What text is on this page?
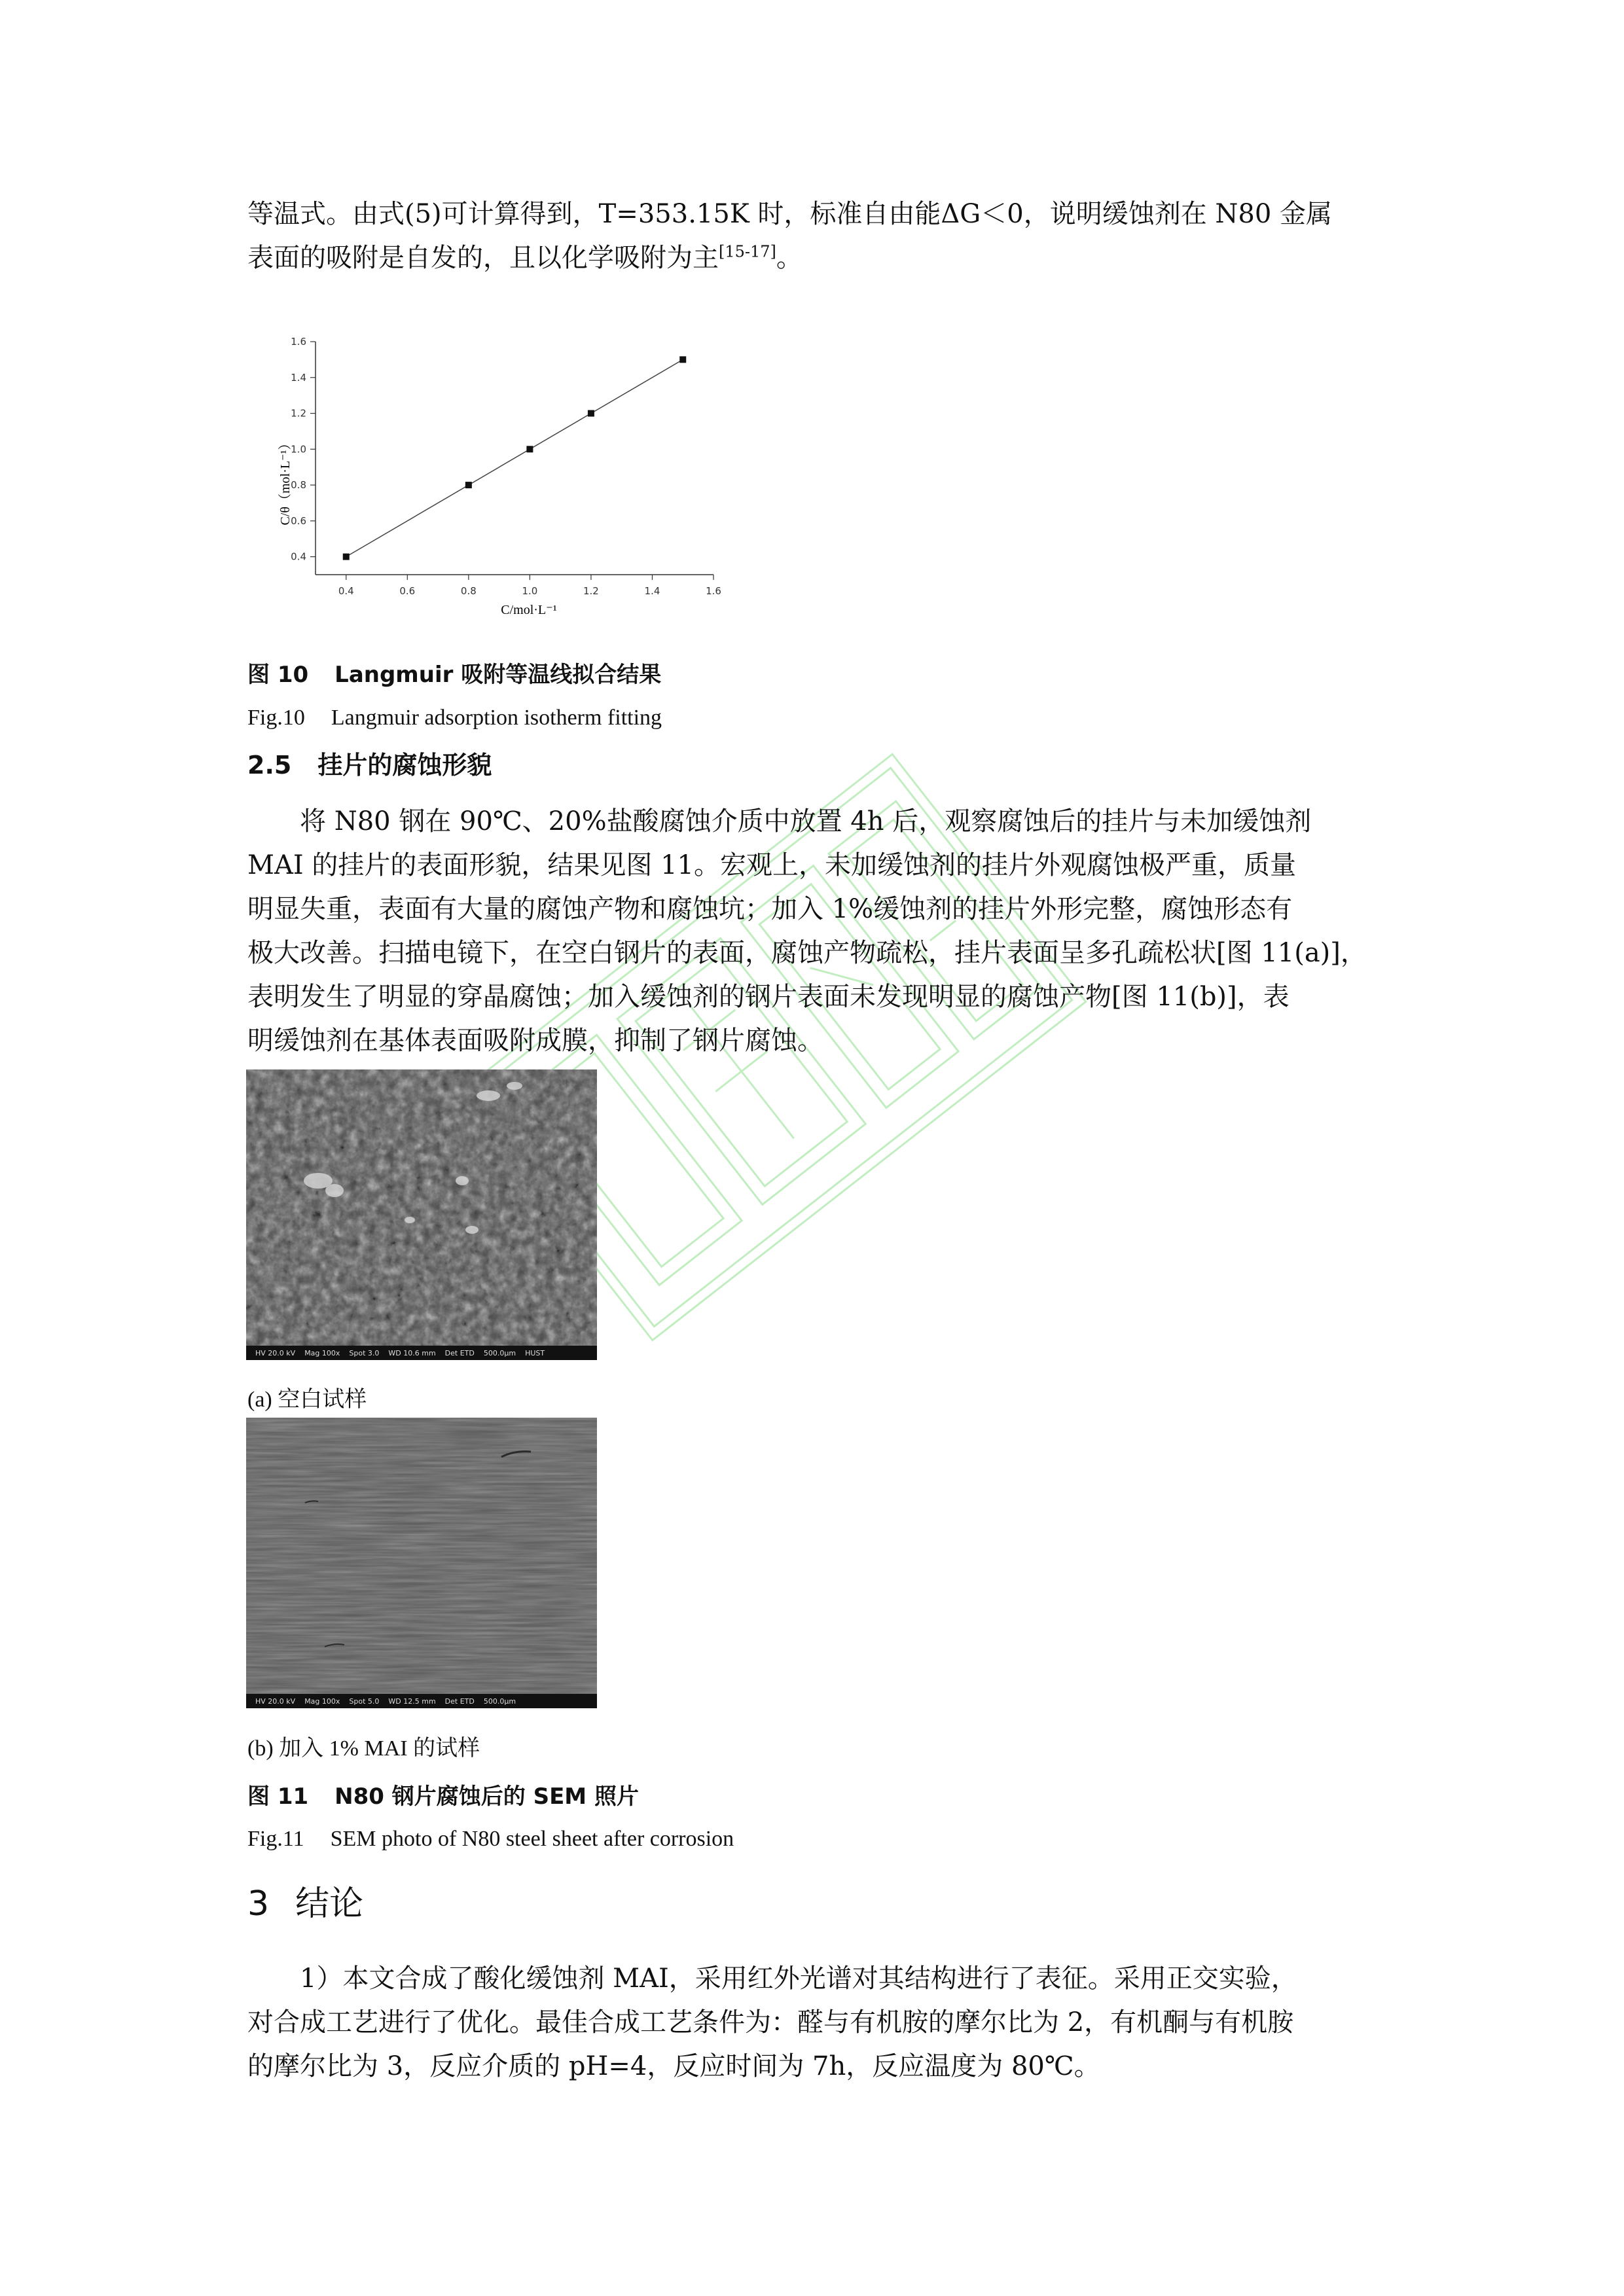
等温式。由式(5)可计算得到，T=353.15K 时，标准自由能ΔG＜0，说明缓蚀剂在 N80 金属
表面的吸附是自发的，且以化学吸附为主[15-17]。

0.4	0.6	0.8	1.0	1.2	1.4	1.6
0.4
0.6
0.8
1.0
1.2
1.4
1.6
C/mol·L⁻¹
C/θ（mol·L⁻¹）
图 10 Langmuir 吸附等温线拟合结果
Fig.10 Langmuir adsorption isotherm fitting
2.5 挂片的腐蚀形貌
将 N80 钢在 90℃、20%盐酸腐蚀介质中放置 4h 后，观察腐蚀后的挂片与未加缓蚀剂
MAI 的挂片的表面形貌，结果见图 11。宏观上，未加缓蚀剂的挂片外观腐蚀极严重，质量
明显失重，表面有大量的腐蚀产物和腐蚀坑；加入 1%缓蚀剂的挂片外形完整，腐蚀形态有
极大改善。扫描电镜下，在空白钢片的表面，腐蚀产物疏松，挂片表面呈多孔疏松状[图 11(a)]，
表明发生了明显的穿晶腐蚀；加入缓蚀剂的钢片表面未发现明显的腐蚀产物[图 11(b)]，表
明缓蚀剂在基体表面吸附成膜，抑制了钢片腐蚀。
HV 20.0 kV Mag 100x Spot 3.0 WD 10.6 mm Det ETD 500.0μm HUST
(a) 空白试样
HV 20.0 kV Mag 100x Spot 5.0 WD 12.5 mm Det ETD 500.0μm
(b) 加入 1% MAI 的试样
图 11 N80 钢片腐蚀后的 SEM 照片
Fig.11 SEM photo of N80 steel sheet after corrosion
3 结论
1）本文合成了酸化缓蚀剂 MAI，采用红外光谱对其结构进行了表征。采用正交实验，
对合成工艺进行了优化。最佳合成工艺条件为：醛与有机胺的摩尔比为 2，有机酮与有机胺
的摩尔比为 3，反应介质的 pH=4，反应时间为 7h，反应温度为 80℃。
